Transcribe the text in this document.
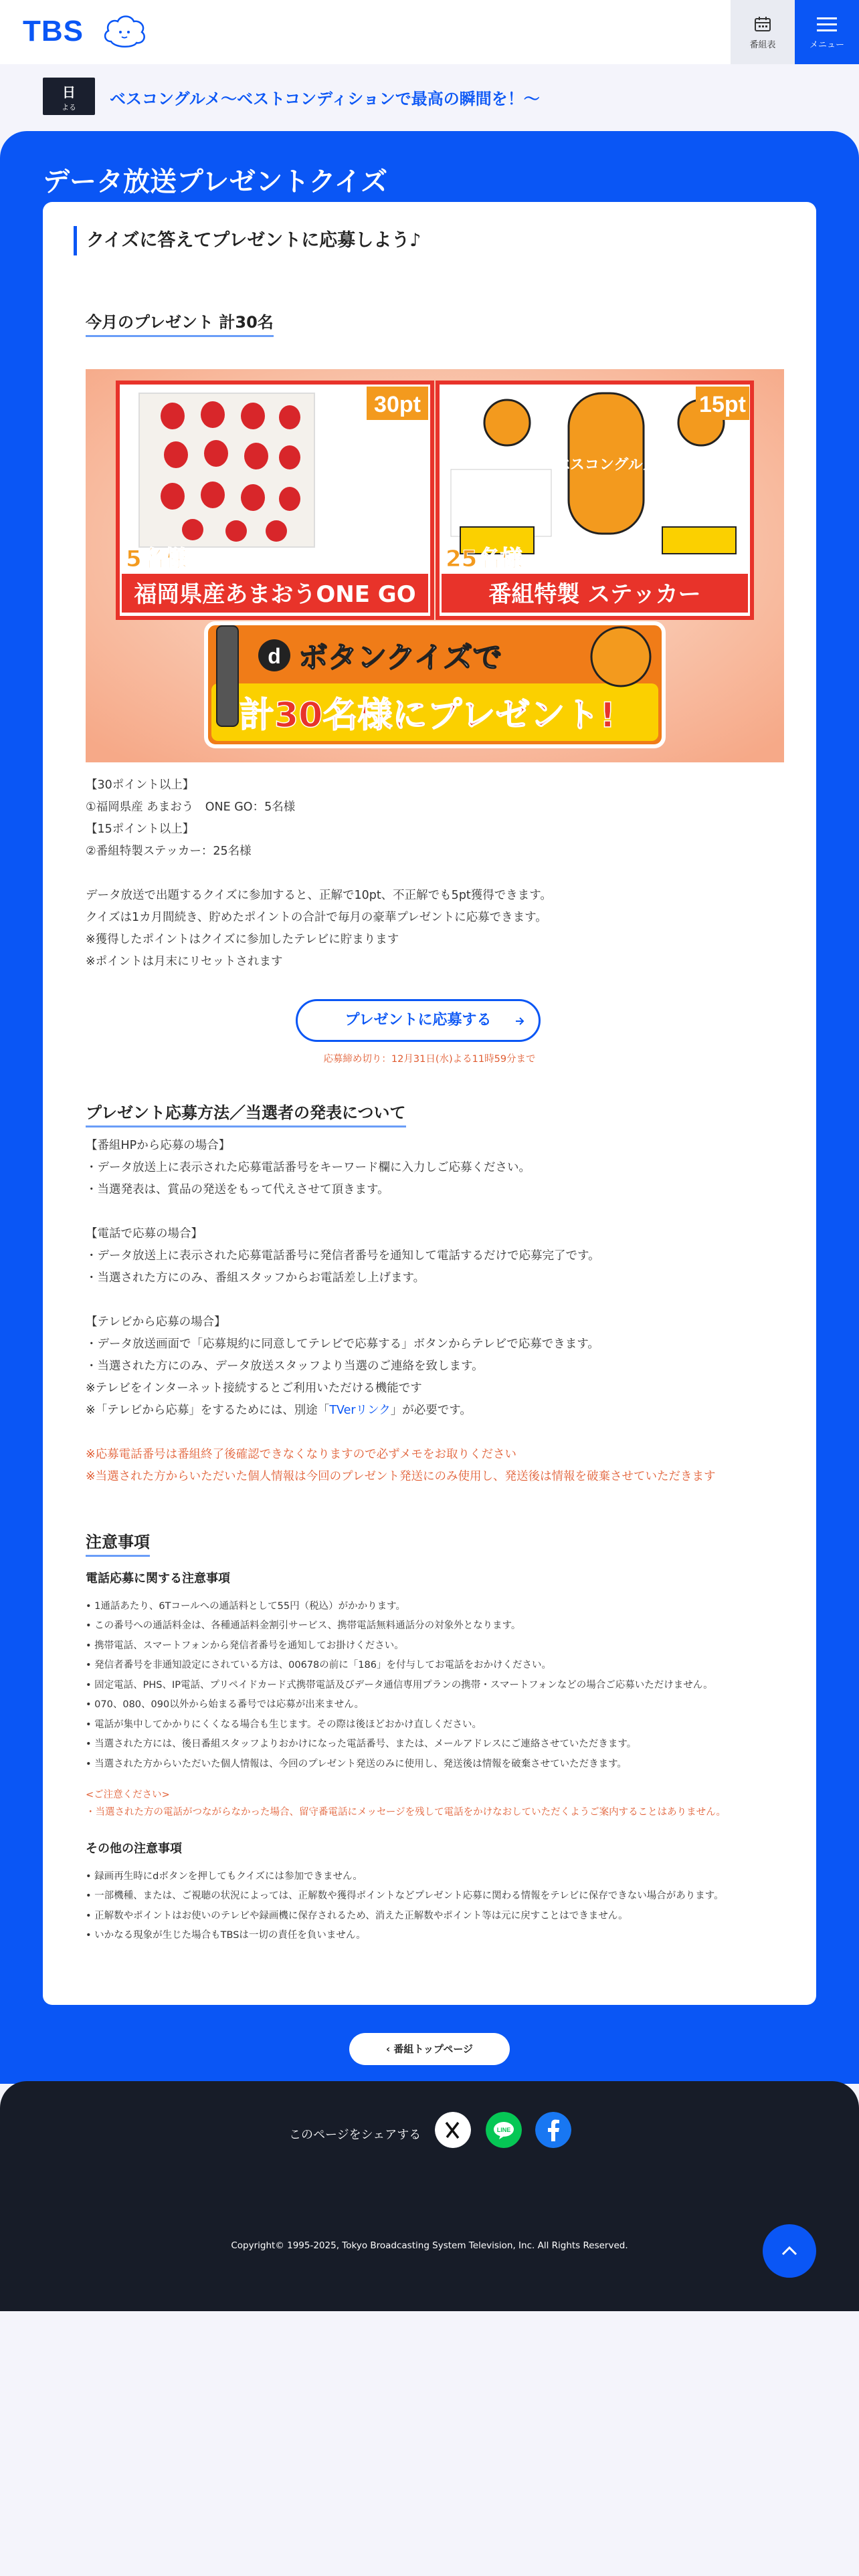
TBS	番組表	メニュー
日
よる	ベスコングルメ〜ベストコンディションで最高の瞬間を！〜
データ放送プレゼントクイズ
クイズに答えてプレゼントに応募しよう♪
今月のプレゼント 計30名
30pt
5名様
福岡県産あまおうONE GO
ベスコングルメ
15pt
25名様
番組特製 ステッカー
d ボタンクイズで
計30名様にプレゼント!
【30ポイント以上】
①福岡県産 あまおう　ONE GO：5名様
【15ポイント以上】
②番組特製ステッカー：25名様
データ放送で出題するクイズに参加すると、正解で10pt、不正解でも5pt獲得できます。
クイズは1カ月間続き、貯めたポイントの合計で毎月の豪華プレゼントに応募できます。
※獲得したポイントはクイズに参加したテレビに貯まります
※ポイントは月末にリセットされます
プレゼントに応募する
応募締め切り：12月31日(水)よる11時59分まで
プレゼント応募方法／当選者の発表について
【番組HPから応募の場合】
・データ放送上に表示された応募電話番号をキーワード欄に入力しご応募ください。
・当選発表は、賞品の発送をもって代えさせて頂きます。
【電話で応募の場合】
・データ放送上に表示された応募電話番号に発信者番号を通知して電話するだけで応募完了です。
・当選された方にのみ、番組スタッフからお電話差し上げます。
【テレビから応募の場合】
・データ放送画面で「応募規約に同意してテレビで応募する」ボタンからテレビで応募できます。
・当選された方にのみ、データ放送スタッフより当選のご連絡を致します。
※テレビをインターネット接続するとご利用いただける機能です
※「テレビから応募」をするためには、別途「TVerリンク」が必要です。
※応募電話番号は番組終了後確認できなくなりますので必ずメモをお取りください
※当選された方からいただいた個人情報は今回のプレゼント発送にのみ使用し、発送後は情報を破棄させていただきます
注意事項
電話応募に関する注意事項
• 1通話あたり、6Tコールへの通話料として55円（税込）がかかります。
• この番号への通話料金は、各種通話料金割引サービス、携帯電話無料通話分の対象外となります。
• 携帯電話、スマートフォンから発信者番号を通知してお掛けください。
• 発信者番号を非通知設定にされている方は、00678の前に「186」を付与してお電話をおかけください。
• 固定電話、PHS、IP電話、プリペイドカード式携帯電話及びデータ通信専用プランの携帯・スマートフォンなどの場合ご応募いただけません。
• 070、080、090以外から始まる番号では応募が出来ません。
• 電話が集中してかかりにくくなる場合も生じます。その際は後ほどおかけ直しください。
• 当選された方には、後日番組スタッフよりおかけになった電話番号、または、メールアドレスにご連絡させていただきます。
• 当選された方からいただいた個人情報は、今回のプレゼント発送のみに使用し、発送後は情報を破棄させていただきます。
<ご注意ください>
・当選された方の電話がつながらなかった場合、留守番電話にメッセージを残して電話をかけなおしていただくようご案内することはありません。
その他の注意事項
• 録画再生時にdボタンを押してもクイズには参加できません。
• 一部機種、または、ご視聴の状況によっては、正解数や獲得ポイントなどプレゼント応募に関わる情報をテレビに保存できない場合があります。
• 正解数やポイントはお使いのテレビや録画機に保存されるため、消えた正解数やポイント等は元に戻すことはできません。
• いかなる現象が生じた場合もTBSは一切の責任を負いません。
‹ 番組トップページ
このページをシェアする	LINE
Copyright© 1995-2025, Tokyo Broadcasting System Television, Inc. All Rights Reserved.
